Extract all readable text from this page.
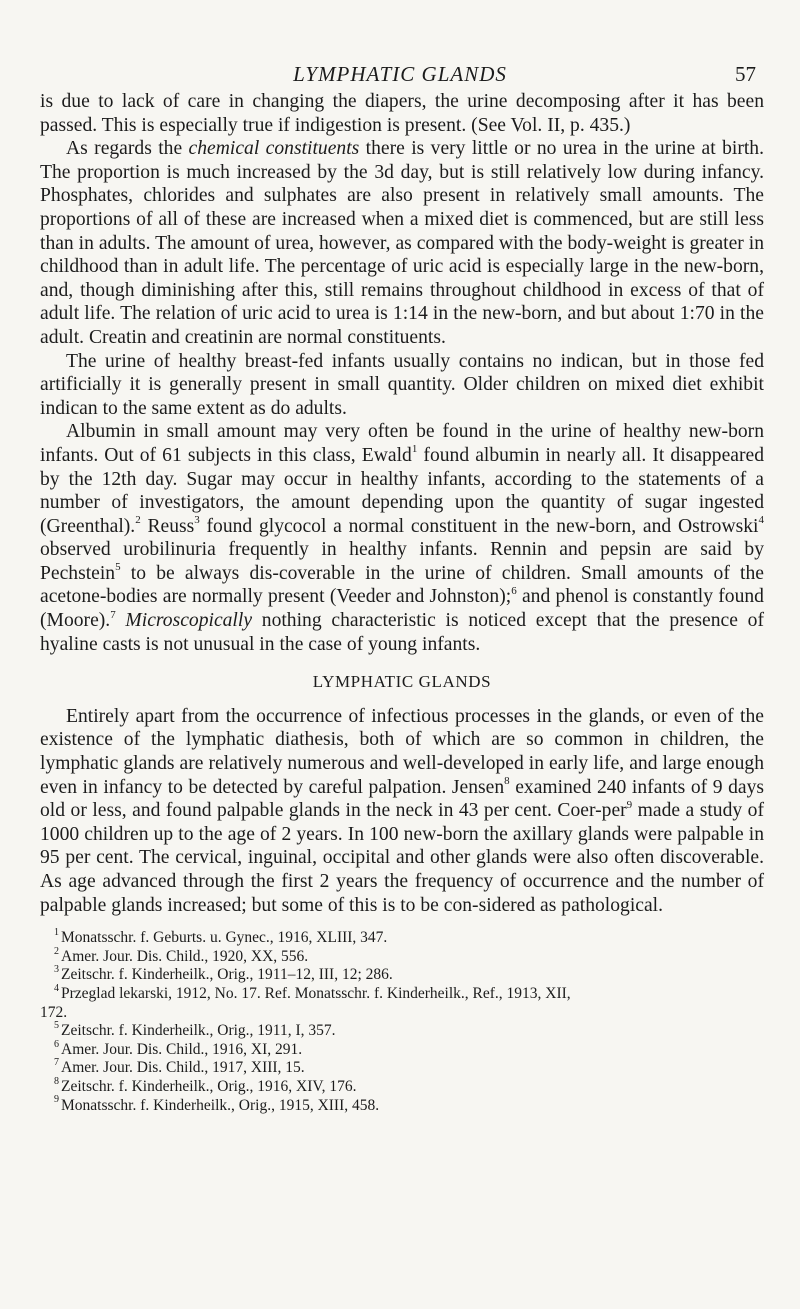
LYMPHATIC GLANDS	57

is due to lack of care in changing the diapers, the urine decomposing after it has been passed. This is especially true if indigestion is present. (See Vol. II, p. 435.)

As regards the chemical constituents there is very little or no urea in the urine at birth. The proportion is much increased by the 3d day, but is still relatively low during infancy. Phosphates, chlorides and sulphates are also present in relatively small amounts. The proportions of all of these are increased when a mixed diet is commenced, but are still less than in adults. The amount of urea, however, as compared with the body-weight is greater in childhood than in adult life. The percentage of uric acid is especially large in the new-born, and, though diminishing after this, still remains throughout childhood in excess of that of adult life. The relation of uric acid to urea is 1:14 in the new-born, and but about 1:70 in the adult. Creatin and creatinin are normal constituents.

The urine of healthy breast-fed infants usually contains no indican, but in those fed artificially it is generally present in small quantity. Older children on mixed diet exhibit indican to the same extent as do adults.

Albumin in small amount may very often be found in the urine of healthy new-born infants. Out of 61 subjects in this class, Ewald$^1$ found albumin in nearly all. It disappeared by the 12th day. Sugar may occur in healthy infants, according to the statements of a number of investigators, the amount depending upon the quantity of sugar ingested (Greenthal).$^2$ Reuss$^3$ found glycocol a normal constituent in the new-born, and Ostrowski$^4$ observed urobilinuria frequently in healthy infants. Rennin and pepsin are said by Pechstein$^5$ to be always dis-coverable in the urine of children. Small amounts of the acetone-bodies are normally present (Veeder and Johnston);$^6$ and phenol is constantly found (Moore).$^7$ Microscopically nothing characteristic is noticed except that the presence of hyaline casts is not unusual in the case of young infants.

LYMPHATIC GLANDS

Entirely apart from the occurrence of infectious processes in the glands, or even of the existence of the lymphatic diathesis, both of which are so common in children, the lymphatic glands are relatively numerous and well-developed in early life, and large enough even in infancy to be detected by careful palpation. Jensen$^8$ examined 240 infants of 9 days old or less, and found palpable glands in the neck in 43 per cent. Coer-per$^9$ made a study of 1000 children up to the age of 2 years. In 100 new-born the axillary glands were palpable in 95 per cent. The cervical, inguinal, occipital and other glands were also often discoverable. As age advanced through the first 2 years the frequency of occurrence and the number of palpable glands increased; but some of this is to be con-sidered as pathological.

$^1$ Monatsschr. f. Geburts. u. Gynec., 1916, XLIII, 347.
$^2$ Amer. Jour. Dis. Child., 1920, XX, 556.
$^3$ Zeitschr. f. Kinderheilk., Orig., 1911–12, III, 12; 286.
$^4$ Przeglad lekarski, 1912, No. 17. Ref. Monatsschr. f. Kinderheilk., Ref., 1913, XII,
172.
$^5$ Zeitschr. f. Kinderheilk., Orig., 1911, I, 357.
$^6$ Amer. Jour. Dis. Child., 1916, XI, 291.
$^7$ Amer. Jour. Dis. Child., 1917, XIII, 15.
$^8$ Zeitschr. f. Kinderheilk., Orig., 1916, XIV, 176.
$^9$ Monatsschr. f. Kinderheilk., Orig., 1915, XIII, 458.
